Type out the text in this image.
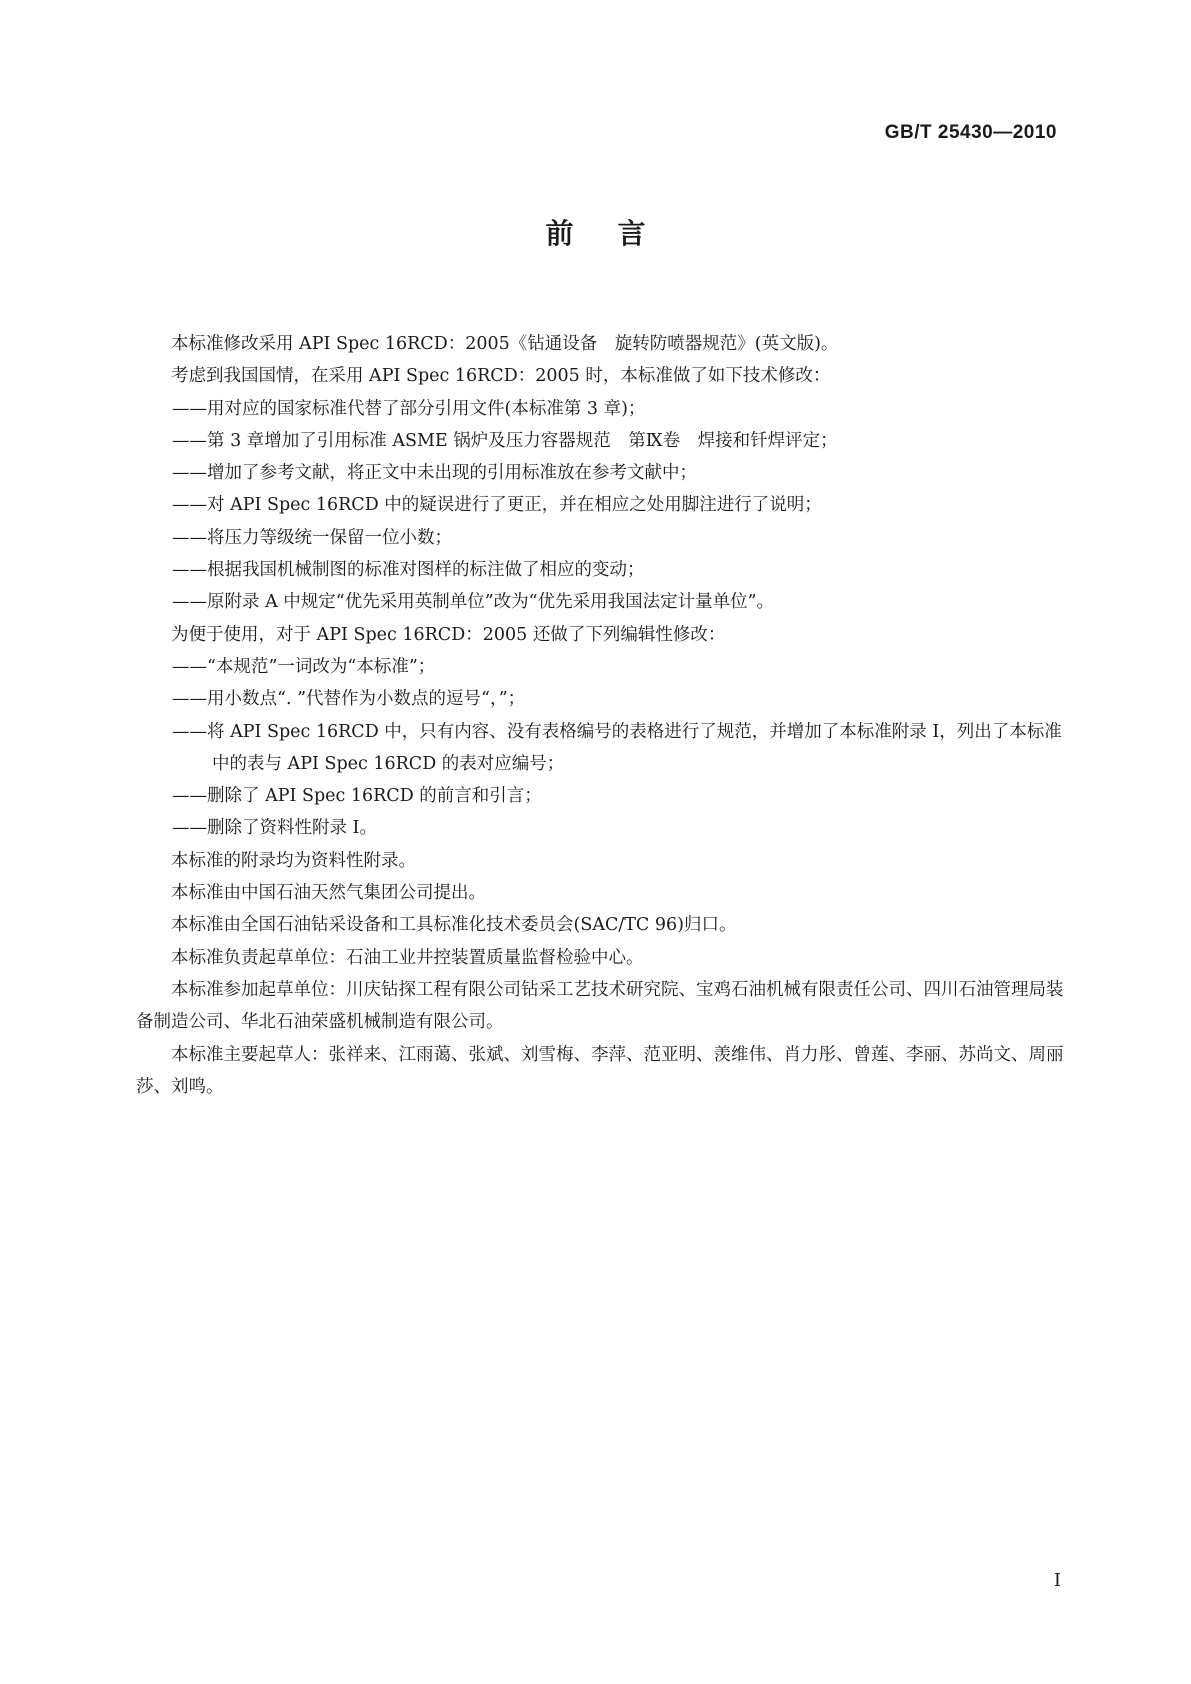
GB/T 25430—2010
前言

本标准修改采用 API Spec 16RCD：2005《钻通设备　旋转防喷器规范》(英文版)。

考虑到我国国情，在采用 API Spec 16RCD：2005 时，本标准做了如下技术修改：

——用对应的国家标准代替了部分引用文件(本标准第 3 章)；

——第 3 章增加了引用标准 ASME 锅炉及压力容器规范　第Ⅸ卷　焊接和钎焊评定；

——增加了参考文献，将正文中未出现的引用标准放在参考文献中；

——对 API Spec 16RCD 中的疑误进行了更正，并在相应之处用脚注进行了说明；

——将压力等级统一保留一位小数；

——根据我国机械制图的标准对图样的标注做了相应的变动；

——原附录 A 中规定“优先采用英制单位”改为“优先采用我国法定计量单位”。

为便于使用，对于 API Spec 16RCD：2005 还做了下列编辑性修改：

——“本规范”一词改为“本标准”；

——用小数点“. ”代替作为小数点的逗号“，”；

——将 API Spec 16RCD 中，只有内容、没有表格编号的表格进行了规范，并增加了本标准附录 I，列出了本标准中的表与 API Spec 16RCD 的表对应编号；

——删除了 API Spec 16RCD 的前言和引言；

——删除了资料性附录 I。

本标准的附录均为资料性附录。

本标准由中国石油天然气集团公司提出。

本标准由全国石油钻采设备和工具标准化技术委员会(SAC/TC 96)归口。

本标准负责起草单位：石油工业井控装置质量监督检验中心。

本标准参加起草单位：川庆钻探工程有限公司钻采工艺技术研究院、宝鸡石油机械有限责任公司、四川石油管理局装备制造公司、华北石油荣盛机械制造有限公司。

本标准主要起草人：张祥来、江雨蔼、张斌、刘雪梅、李萍、范亚明、羡维伟、肖力彤、曾莲、李丽、苏尚文、周丽莎、刘鸣。

I
